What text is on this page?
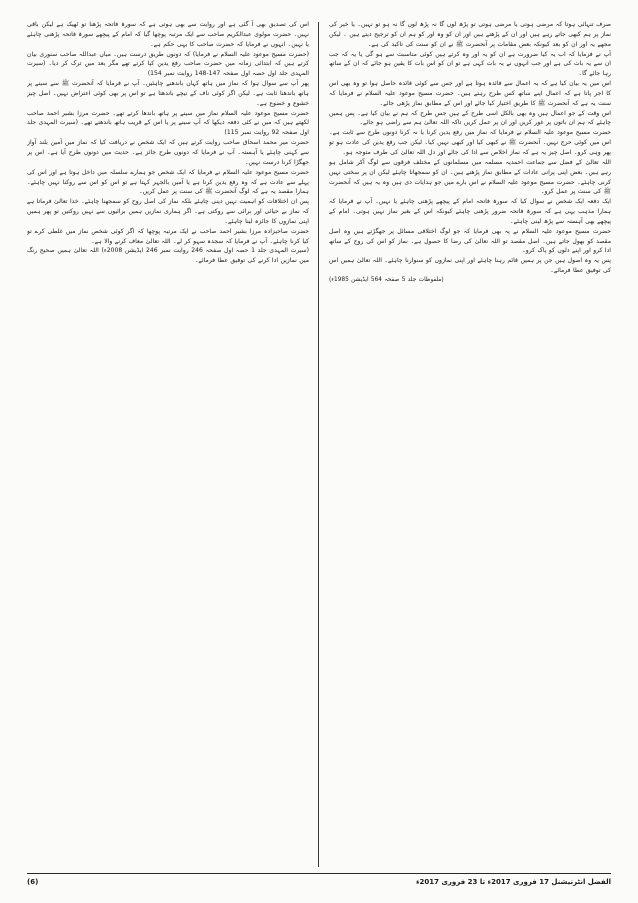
صرف تنہائی ہوتا کہ مرضی ہوتی یا مرضی ہوتی تو پڑھ لوں گا نہ پڑھ لوں گا نہ ہو تو نہیں۔ یا خیر کی نماز پر ہم کبھی جاتے رہے ہیں اور ان کے پڑھتے ہیں اور ان کو وہ اور کو ہم ان کو ترجیح دیتے ہیں ۔ لیکن مجھے یہ اور ان کو بعد کیونکہ بعض مقامات پر آنحضرت ﷺ نے ان کو سنت کی تاکید کی ہے۔

آپ نے فرمایا کہ اب یہ کیا ضرورت ہے ان کو یہ اور وہ کرتے ہیں کوئی مناسبت سے ہو گی یا یہ کہ جب ان سے یہ بات کی ہے اور جب انہوں نے یہ بات کہی ہے تو ان کو اس بات کا یقین ہو جائے کہ ان کے ساتھ رہا جائے گا۔

اس میں یہ بیان کیا ہے کہ یہ اعمال سے فائدہ ہوتا ہے اور جس سے کوئی فائدہ حاصل ہوا تو وہ بھی اس کا اجر پاتا ہے کہ اعمال اپنے ساتھ کس طرح رہتے ہیں۔ حضرت مسیح موعود علیہ السلام نے فرمایا کہ سنت یہ ہے کہ آنحضرت ﷺ کا طریق اختیار کیا جائے اور اس کے مطابق نماز پڑھی جائے۔

اس وقت کے جو اعمال ہیں وہ بھی بالکل اسی طرح کے ہیں جس طرح کہ ہم نے بیان کیا ہے۔ پس ہمیں چاہئے کہ ہم ان باتوں پر غور کریں اور ان پر عمل کریں تاکہ اللہ تعالیٰ ہم سے راضی ہو جائے۔

حضرت مسیح موعود علیہ السلام نے فرمایا کہ نماز میں رفع یدین کرنا یا نہ کرنا دونوں طرح سے ثابت ہے۔ اس میں کوئی حرج نہیں۔ آنحضرت ﷺ نے کبھی کیا اور کبھی نہیں کیا۔ لیکن جب رفع یدین کی عادت ہو تو پھر وہی کرو۔ اصل چیز یہ ہے کہ نماز اخلاص سے ادا کی جائے اور دل اللہ تعالیٰ کی طرف متوجہ ہو۔

اللہ تعالیٰ کے فضل سے جماعت احمدیہ مسلمہ میں مسلمانوں کے مختلف فرقوں سے لوگ آکر شامل ہو رہے ہیں۔ بعض اپنی پرانی عادات کے مطابق نماز پڑھتے ہیں۔ ان کو سمجھانا چاہئے لیکن ان پر سختی نہیں کرنی چاہئے۔ حضرت مسیح موعود علیہ السلام نے اس بارے میں جو ہدایات دی ہیں وہ یہ ہیں کہ آنحضرت ﷺ کی سنت پر عمل کرو۔

ایک دفعہ ایک شخص نے سوال کیا کہ سورۃ فاتحہ امام کے پیچھے پڑھنی چاہئے یا نہیں۔ آپ نے فرمایا کہ ہمارا مذہب یہی ہے کہ سورۃ فاتحہ ضرور پڑھنی چاہئے کیونکہ اس کے بغیر نماز نہیں ہوتی۔ امام کے پیچھے بھی آہستہ سے پڑھ لینی چاہئے۔

حضرت مسیح موعود علیہ السلام نے یہ بھی فرمایا کہ جو لوگ اختلافی مسائل پر جھگڑتے ہیں وہ اصل مقصد کو بھول جاتے ہیں۔ اصل مقصد تو اللہ تعالیٰ کی رضا کا حصول ہے۔ نماز کو اس کی روح کے ساتھ ادا کرو اور اپنے دلوں کو پاک کرو۔

پس یہ وہ اصول ہیں جن پر ہمیں قائم رہنا چاہئے اور اپنی نمازوں کو سنوارنا چاہئے۔ اللہ تعالیٰ ہمیں اس کی توفیق عطا فرمائے۔

(ملفوظات جلد 5 صفحہ 564 ایڈیشن 1985ء)

اس کی تصدیق بھی آ گئی ہے اور روایت سے بھی ہوتی ہے کہ سورۃ فاتحہ پڑھنا تو ٹھیک ہے لیکن باقی نہیں۔ حضرت مولوی عبدالکریم صاحب سے ایک مرتبہ پوچھا گیا کہ امام کے پیچھے سورۃ فاتحہ پڑھنی چاہئے یا نہیں۔ انہوں نے فرمایا کہ حضرت صاحب کا یہی حکم ہے۔

(حضرت مسیح موعود علیہ السلام نے فرمایا) کہ دونوں طریق درست ہیں۔ میاں عبداللہ صاحب سنوری بیان کرتے ہیں کہ ابتدائی زمانہ میں حضرت صاحب رفع یدین کیا کرتے تھے مگر بعد میں ترک کر دیا۔ (سیرت المہدی جلد اول حصہ اول صفحہ 147-148 روایت نمبر 154)

پھر آپ سے سوال ہوا کہ نماز میں ہاتھ کہاں باندھنے چاہئیں۔ آپ نے فرمایا کہ آنحضرت ﷺ سے سینے پر ہاتھ باندھنا ثابت ہے۔ لیکن اگر کوئی ناف کے نیچے باندھتا ہے تو اس پر بھی کوئی اعتراض نہیں۔ اصل چیز خشوع و خضوع ہے۔

حضرت مسیح موعود علیہ السلام نماز میں سینے پر ہاتھ باندھا کرتے تھے۔ حضرت مرزا بشیر احمد صاحب لکھتے ہیں کہ میں نے کئی دفعہ دیکھا کہ آپ سینے پر یا اس کے قریب ہاتھ باندھتے تھے۔ (سیرت المہدی جلد اول صفحہ 92 روایت نمبر 115)

حضرت میر محمد اسحاق صاحب روایت کرتے ہیں کہ ایک شخص نے دریافت کیا کہ نماز میں آمین بلند آواز سے کہنی چاہئے یا آہستہ۔ آپ نے فرمایا کہ دونوں طرح جائز ہے۔ حدیث میں دونوں طرح آیا ہے۔ اس پر جھگڑا کرنا درست نہیں۔

حضرت مسیح موعود علیہ السلام نے فرمایا کہ ایک شخص جو ہمارے سلسلہ میں داخل ہوتا ہے اور اس کی پہلے سے عادت ہے کہ وہ رفع یدین کرتا ہے یا آمین بالجہر کہتا ہے تو اس کو اس سے روکنا نہیں چاہئے۔ ہمارا مقصد یہ ہے کہ لوگ آنحضرت ﷺ کی سنت پر عمل کریں۔

پس ان اختلافات کو اہمیت نہیں دینی چاہئے بلکہ نماز کی اصل روح کو سمجھنا چاہئے۔ خدا تعالیٰ فرماتا ہے کہ نماز بے حیائی اور برائی سے روکتی ہے۔ اگر ہماری نمازیں ہمیں برائیوں سے نہیں روکتیں تو پھر ہمیں اپنی نمازوں کا جائزہ لینا چاہئے۔

حضرت صاحبزادہ مرزا بشیر احمد صاحب نے ایک مرتبہ پوچھا کہ اگر کوئی شخص نماز میں غلطی کرے تو کیا کرنا چاہئے۔ آپ نے فرمایا کہ سجدہ سہو کر لے۔ اللہ تعالیٰ معاف کرنے والا ہے۔

(سیرت المہدی جلد 1 حصہ اول صفحہ 246 روایت نمبر 246 ایڈیشن 2008ء) اللہ تعالیٰ ہمیں صحیح رنگ میں نمازیں ادا کرنے کی توفیق عطا فرمائے۔

الفضل انٹرنیشنل 17 فروری 2017ء تا 23 فروری 2017ء
(6)
